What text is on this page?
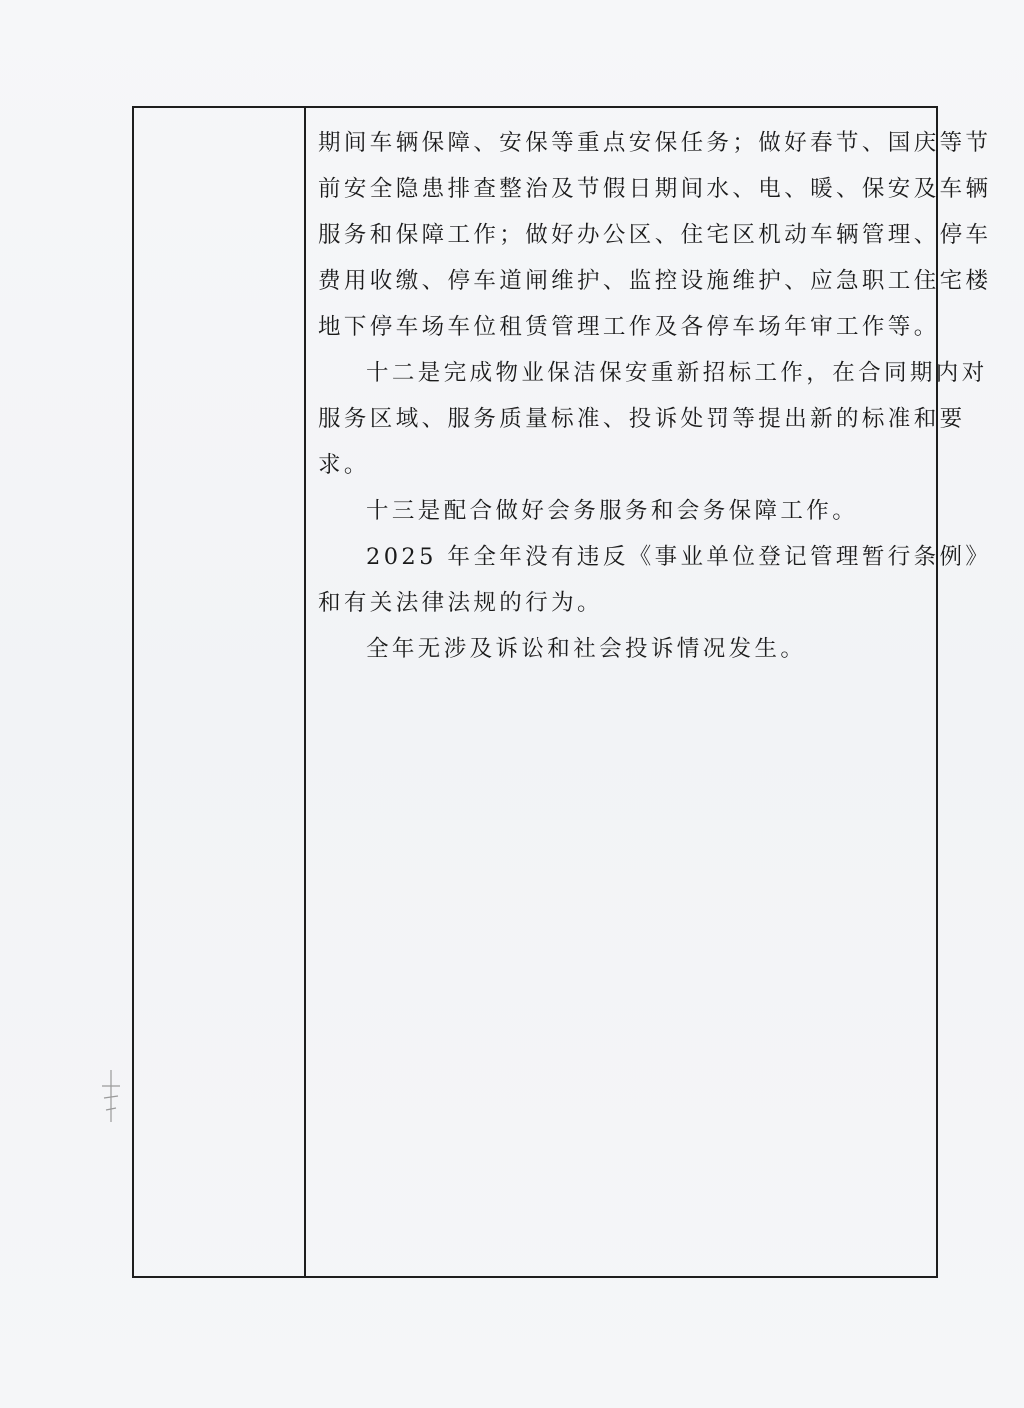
期间车辆保障、安保等重点安保任务；做好春节、国庆等节

前安全隐患排查整治及节假日期间水、电、暖、保安及车辆

服务和保障工作；做好办公区、住宅区机动车辆管理、停车

费用收缴、停车道闸维护、监控设施维护、应急职工住宅楼

地下停车场车位租赁管理工作及各停车场年审工作等。

十二是完成物业保洁保安重新招标工作，在合同期内对

服务区域、服务质量标准、投诉处罚等提出新的标准和要

求。

十三是配合做好会务服务和会务保障工作。

2025 年全年没有违反《事业单位登记管理暂行条例》

和有关法律法规的行为。

全年无涉及诉讼和社会投诉情况发生。
